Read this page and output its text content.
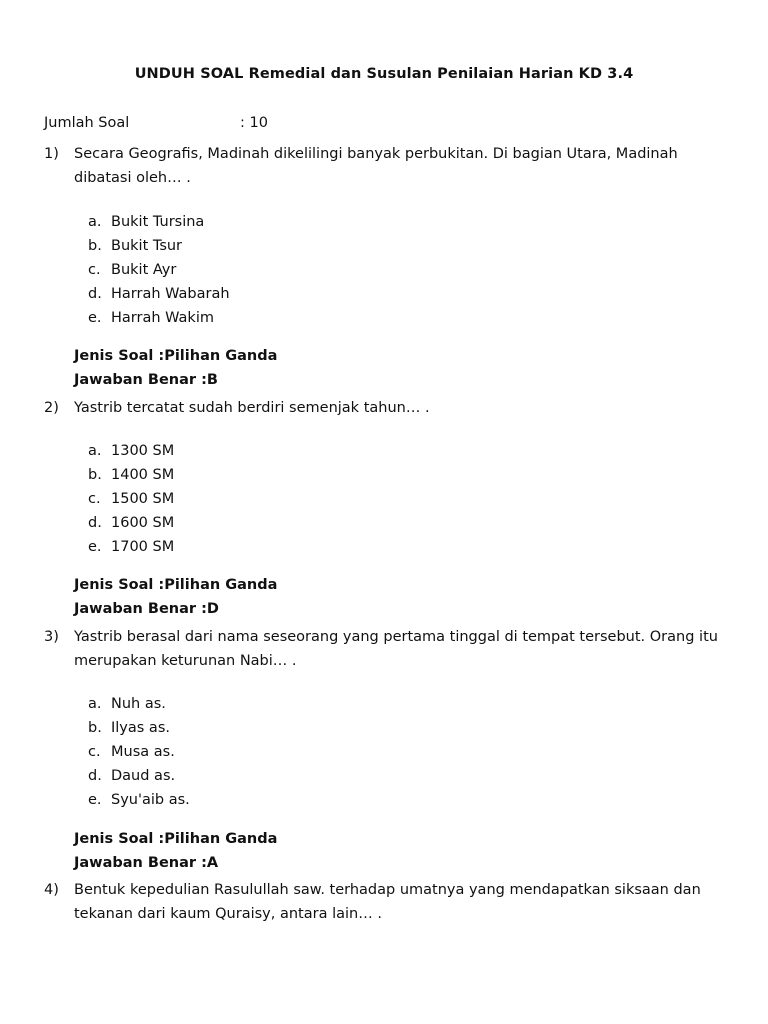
UNDUH SOAL Remedial dan Susulan Penilaian Harian KD 3.4
Jumlah Soal	: 10
1) Secara Geografis, Madinah dikelilingi banyak perbukitan. Di bagian Utara, Madinah dibatasi oleh… .
a. Bukit Tursina
b. Bukit Tsur
c. Bukit Ayr
d. Harrah Wabarah
e. Harrah Wakim
Jenis Soal :Pilihan Ganda
Jawaban Benar :B
2) Yastrib tercatat sudah berdiri semenjak tahun… .
a. 1300 SM
b. 1400 SM
c. 1500 SM
d. 1600 SM
e. 1700 SM
Jenis Soal :Pilihan Ganda
Jawaban Benar :D
3) Yastrib berasal dari nama seseorang yang pertama tinggal di tempat tersebut. Orang itu merupakan keturunan Nabi… .
a. Nuh as.
b. Ilyas as.
c. Musa as.
d. Daud as.
e. Syu'aib as.
Jenis Soal :Pilihan Ganda
Jawaban Benar :A
4) Bentuk kepedulian Rasulullah saw. terhadap umatnya yang mendapatkan siksaan dan tekanan dari kaum Quraisy, antara lain… .
